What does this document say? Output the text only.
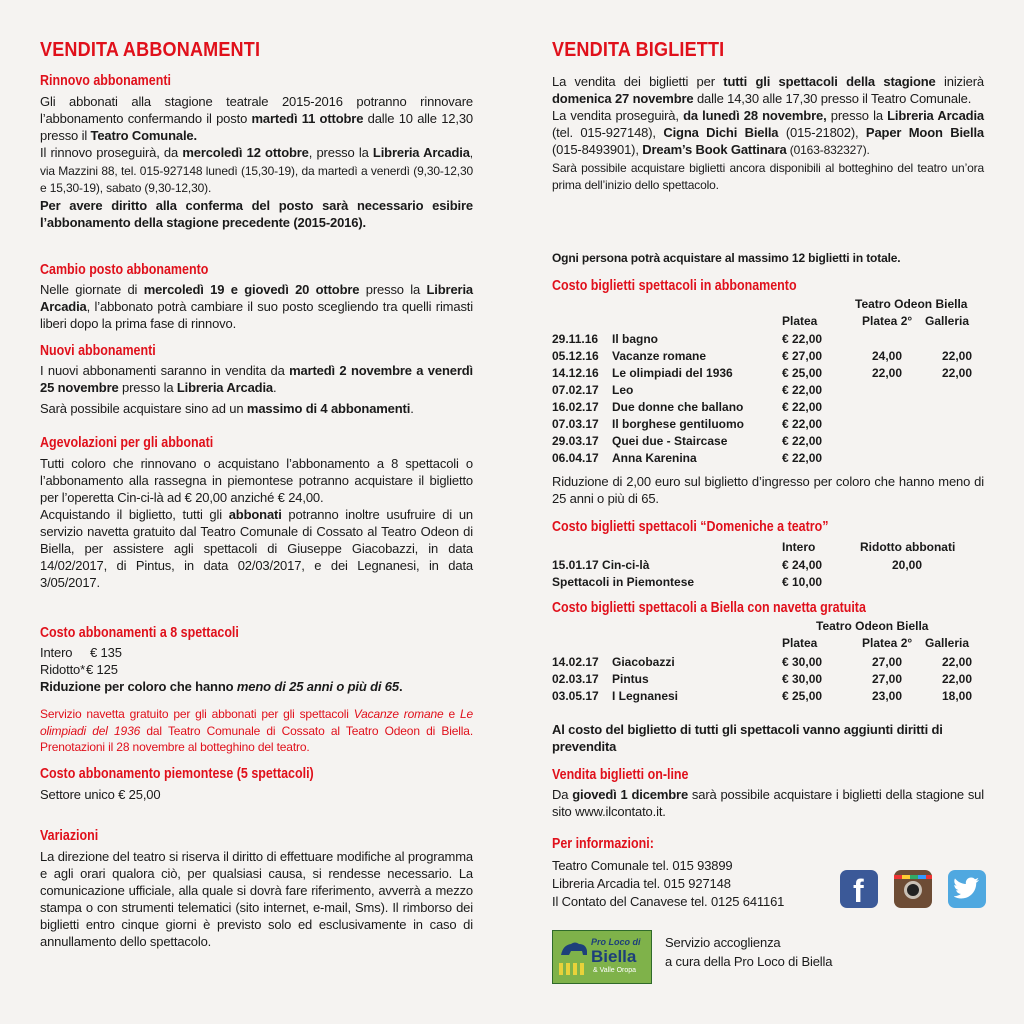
VENDITA ABBONAMENTI
Rinnovo abbonamenti
Gli abbonati alla stagione teatrale 2015-2016 potranno rinnovare l’abbonamento confermando il posto martedì 11 ottobre dalle 10 alle 12,30 presso il Teatro Comunale.
Il rinnovo proseguirà, da mercoledì 12 ottobre, presso la Libreria Arcadia, via Mazzini 88, tel. 015-927148 lunedì (15,30-19), da martedì a venerdì (9,30-12,30 e 15,30-19), sabato (9,30-12,30).
Per avere diritto alla conferma del posto sarà necessario esibire l’abbonamento della stagione precedente (2015-2016).
Cambio posto abbonamento
Nelle giornate di mercoledì 19 e giovedì 20 ottobre presso la Libreria Arcadia, l’abbonato potrà cambiare il suo posto scegliendo tra quelli rimasti liberi dopo la prima fase di rinnovo.
Nuovi abbonamenti
I nuovi abbonamenti saranno in vendita da martedì 2 novembre a venerdì 25 novembre presso la Libreria Arcadia.
Sarà possibile acquistare sino ad un massimo di 4 abbonamenti.
Agevolazioni per gli abbonati
Tutti coloro che rinnovano o acquistano l’abbonamento a 8 spettacoli o l’abbonamento alla rassegna in piemontese potranno acquistare il biglietto per l’operetta Cin-ci-là ad € 20,00 anziché € 24,00.
Acquistando il biglietto, tutti gli abbonati potranno inoltre usufruire di un servizio navetta gratuito dal Teatro Comunale di Cossato al Teatro Odeon di Biella, per assistere agli spettacoli di Giuseppe Giacobazzi, in data 14/02/2017, di Pintus, in data 02/03/2017, e dei Legnanesi, in data 3/05/2017.
Costo abbonamenti a 8 spettacoli
Intero € 135
Ridotto*€ 125
Riduzione per coloro che hanno meno di 25 anni o più di 65.
Servizio navetta gratuito per gli abbonati per gli spettacoli Vacanze romane e Le olimpiadi del 1936 dal Teatro Comunale di Cossato al Teatro Odeon di Biella. Prenotazioni il 28 novembre al botteghino del teatro.
Costo abbonamento piemontese (5 spettacoli)
Settore unico € 25,00
Variazioni
La direzione del teatro si riserva il diritto di effettuare modifiche al programma e agli orari qualora ciò, per qualsiasi causa, si rendesse necessario. La comunicazione ufficiale, alla quale si dovrà fare riferimento, avverrà a mezzo stampa o con strumenti telematici (sito internet, e-mail, Sms). Il rimborso dei biglietti entro cinque giorni è previsto solo ed esclusivamente in caso di annullamento dello spettacolo.
VENDITA BIGLIETTI
La vendita dei biglietti per tutti gli spettacoli della stagione inizierà domenica 27 novembre dalle 14,30 alle 17,30 presso il Teatro Comunale.
La vendita proseguirà, da lunedì 28 novembre, presso la Libreria Arcadia (tel. 015-927148), Cigna Dichi Biella (015-21802), Paper Moon Biella (015-8493901), Dream’s Book Gattinara (0163-832327).
Sarà possibile acquistare biglietti ancora disponibili al botteghino del teatro un’ora prima dell’inizio dello spettacolo.
Ogni persona potrà acquistare al massimo 12 biglietti in totale.
Costo biglietti spettacoli in abbonamento
Teatro Odeon Biella
Platea	Platea 2° Galleria
29.11.16	Il bagno	€ 22,00		
05.12.16	Vacanze romane	€ 27,00	24,00	22,00
14.12.16	Le olimpiadi del 1936	€ 25,00	22,00	22,00
07.02.17	Leo	€ 22,00		
16.02.17	Due donne che ballano	€ 22,00		
07.03.17	Il borghese gentiluomo	€ 22,00		
29.03.17	Quei due - Staircase	€ 22,00		
06.04.17	Anna Karenina	€ 22,00		
Riduzione di 2,00 euro sul biglietto d’ingresso per coloro che hanno meno di 25 anni o più di 65.
Costo biglietti spettacoli “Domeniche a teatro”
Intero	Ridotto abbonati
15.01.17 Cin-ci-là	€ 24,00	20,00
Spettacoli in Piemontese	€ 10,00	
Costo biglietti spettacoli a Biella con navetta gratuita
Teatro Odeon Biella
Platea	Platea 2° Galleria
14.02.17	Giacobazzi	€ 30,00	27,00	22,00
02.03.17	Pintus	€ 30,00	27,00	22,00
03.05.17	I Legnanesi	€ 25,00	23,00	18,00
Al costo del biglietto di tutti gli spettacoli vanno aggiunti diritti di prevendita
Vendita biglietti on-line
Da giovedì 1 dicembre sarà possibile acquistare i biglietti della stagione sul sito www.ilcontato.it.
Per informazioni:
Teatro Comunale tel. 015 93899
Libreria Arcadia tel. 015 927148
Il Contato del Canavese tel. 0125 641161
Servizio accoglienza
a cura della Pro Loco di Biella
f
Pro Loco di
Biella
& Valle Oropa
